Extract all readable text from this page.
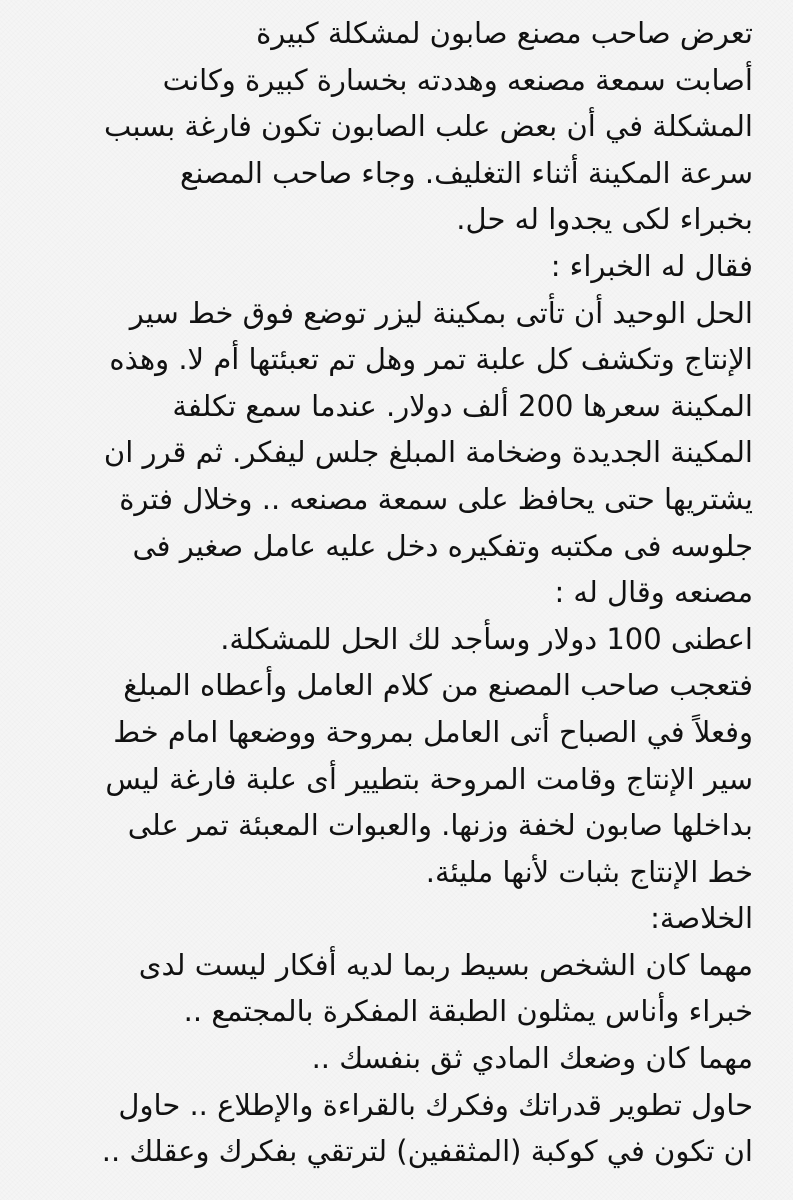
تعرض صاحب مصنع صابون لمشكلة كبيرة
أصابت سمعة مصنعه وهددته بخسارة كبيرة وكانت
المشكلة في أن بعض علب الصابون تكون فارغة بسبب
سرعة المكينة أثناء التغليف. وجاء صاحب المصنع
بخبراء لكى يجدوا له حل.
فقال له الخبراء :
الحل الوحيد أن تأتى بمكينة ليزر توضع فوق خط سير
الإنتاج وتكشف كل علبة تمر وهل تم تعبئتها أم لا. وهذه
المكينة سعرها 200 ألف دولار. عندما سمع تكلفة
المكينة الجديدة وضخامة المبلغ جلس ليفكر. ثم قرر ان
يشتريها حتى يحافظ على سمعة مصنعه .. وخلال فترة
جلوسه فى مكتبه وتفكيره دخل عليه عامل صغير فى
مصنعه وقال له :
اعطنى 100 دولار وسأجد لك الحل للمشكلة.
فتعجب صاحب المصنع من كلام العامل وأعطاه المبلغ
وفعلاً في الصباح أتى العامل بمروحة ووضعها امام خط
سير الإنتاج وقامت المروحة بتطيير أى علبة فارغة ليس
بداخلها صابون لخفة وزنها. والعبوات المعبئة تمر على
خط الإنتاج بثبات لأنها مليئة.
الخلاصة:
مهما كان الشخص بسيط ربما لديه أفكار ليست لدى
خبراء وأناس يمثلون الطبقة المفكرة بالمجتمع ..
مهما كان وضعك المادي ثق بنفسك ..
حاول تطوير قدراتك وفكرك بالقراءة والإطلاع .. حاول
ان تكون في كوكبة (المثقفين) لترتقي بفكرك وعقلك ..
